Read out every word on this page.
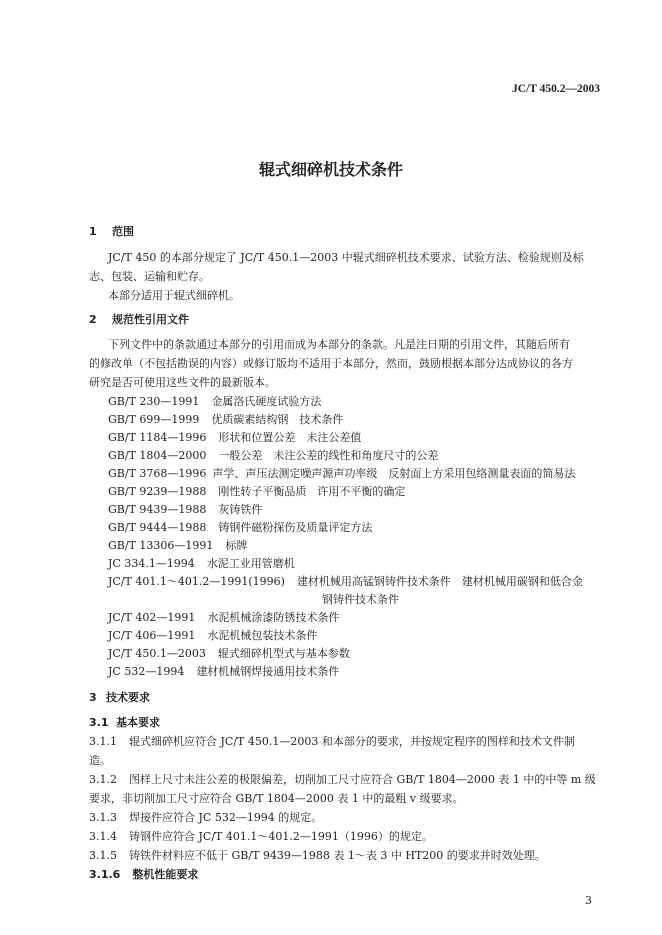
JC/T 450.2—2003
辊式细碎机技术条件
1 范围
JC/T 450 的本部分规定了 JC/T 450.1—2003 中辊式细碎机技术要求、试验方法、检验规则及标
志、包装、运输和贮存。
本部分适用于辊式细碎机。
2 规范性引用文件
下列文件中的条款通过本部分的引用而成为本部分的条款。凡是注日期的引用文件，其随后所有
的修改单（不包括勘误的内容）或修订版均不适用于本部分，然而，鼓励根据本部分达成协议的各方
研究是否可使用这些文件的最新版本。
GB/T 230—1991 金属洛氏硬度试验方法
GB/T 699—1999 优质碳素结构钢　技术条件
GB/T 1184—1996 形状和位置公差　未注公差值
GB/T 1804—2000 一般公差　未注公差的线性和角度尺寸的公差
GB/T 3768—1996 声学、声压法测定噪声源声功率级　反射面上方采用包络测量表面的简易法
GB/T 9239—1988 刚性转子平衡品质　许用不平衡的确定
GB/T 9439—1988 灰铸铁件
GB/T 9444—1988 铸钢件磁粉探伤及质量评定方法
GB/T 13306—1991 标牌
JC 334.1—1994 水泥工业用管磨机
JC/T 401.1～401.2—1991(1996) 建材机械用高锰钢铸件技术条件　建材机械用碳钢和低合金
钢铸件技术条件
JC/T 402—1991 水泥机械涂漆防锈技术条件
JC/T 406—1991 水泥机械包装技术条件
JC/T 450.1—2003 辊式细碎机型式与基本参数
JC 532—1994 建材机械钢焊接通用技术条件
3 技术要求
3.1 基本要求
3.1.1 辊式细碎机应符合 JC/T 450.1—2003 和本部分的要求，并按规定程序的图样和技术文件制
造。
3.1.2 图样上尺寸未注公差的极限偏差，切削加工尺寸应符合 GB/T 1804—2000 表 1 中的中等 m 级
要求，非切削加工尺寸应符合 GB/T 1804—2000 表 1 中的最粗 v 级要求。
3.1.3 焊接件应符合 JC 532—1994 的规定。
3.1.4 铸钢件应符合 JC/T 401.1～401.2—1991（1996）的规定。
3.1.5 铸铁件材料应不低于 GB/T 9439—1988 表 1～表 3 中 HT200 的要求并时效处理。
3.1.6 整机性能要求
3
